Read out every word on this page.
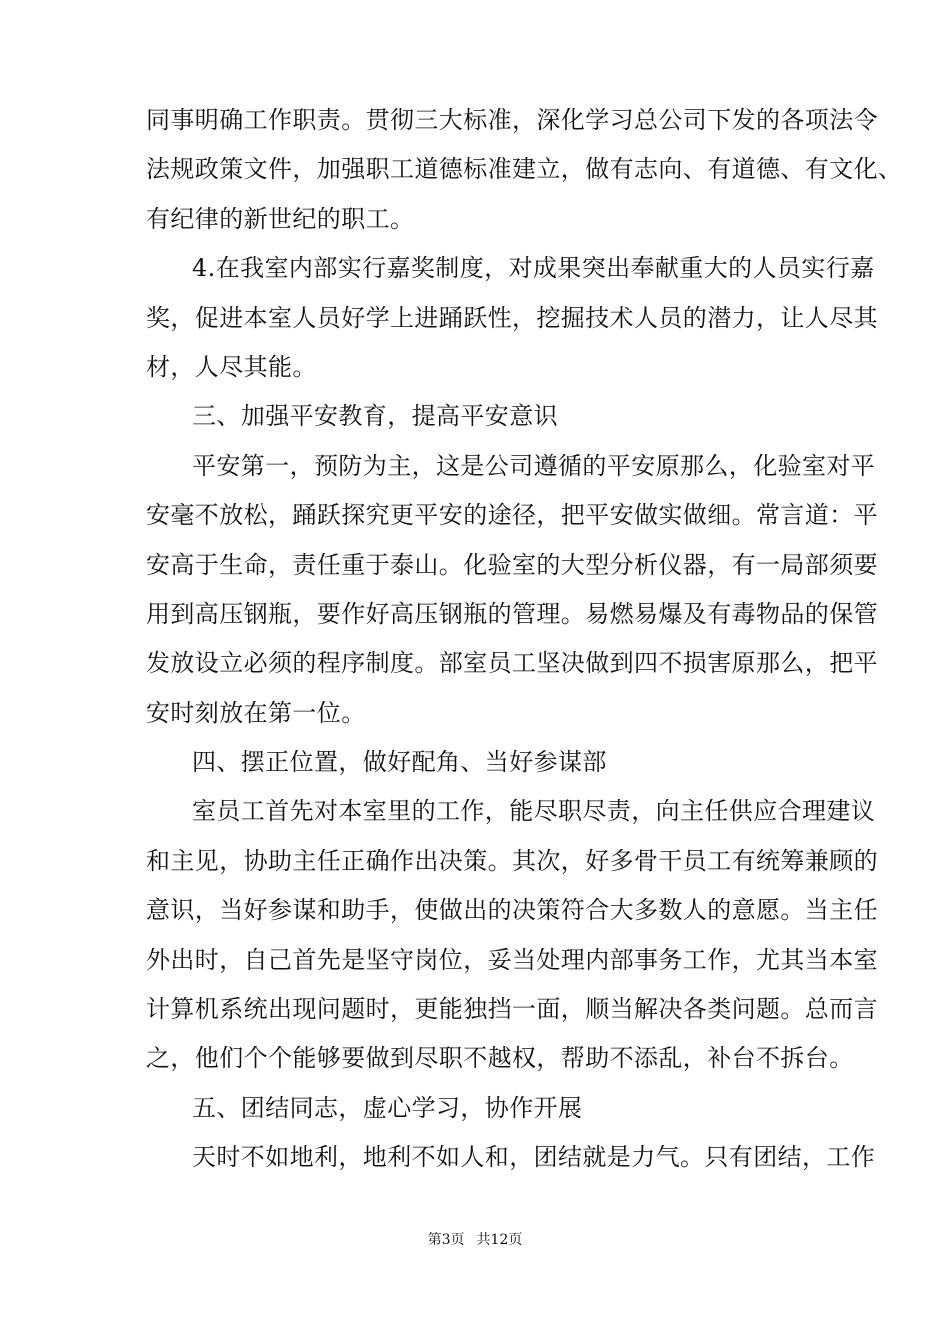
同事明确工作职责。贯彻三大标准，深化学习总公司下发的各项法令
法规政策文件，加强职工道德标准建立，做有志向、有道德、有文化、
有纪律的新世纪的职工。

4.在我室内部实行嘉奖制度，对成果突出奉献重大的人员实行嘉
奖，促进本室人员好学上进踊跃性，挖掘技术人员的潜力，让人尽其
材，人尽其能。

三、加强平安教育，提高平安意识

平安第一，预防为主，这是公司遵循的平安原那么，化验室对平
安毫不放松，踊跃探究更平安的途径，把平安做实做细。常言道：平
安高于生命，责任重于泰山。化验室的大型分析仪器，有一局部须要
用到高压钢瓶，要作好高压钢瓶的管理。易燃易爆及有毒物品的保管
发放设立必须的程序制度。部室员工坚决做到四不损害原那么，把平
安时刻放在第一位。

四、摆正位置，做好配角、当好参谋部

室员工首先对本室里的工作，能尽职尽责，向主任供应合理建议
和主见，协助主任正确作出决策。其次，好多骨干员工有统筹兼顾的
意识，当好参谋和助手，使做出的决策符合大多数人的意愿。当主任
外出时，自己首先是坚守岗位，妥当处理内部事务工作，尤其当本室
计算机系统出现问题时，更能独挡一面，顺当解决各类问题。总而言
之，他们个个能够要做到尽职不越权，帮助不添乱，补台不拆台。

五、团结同志，虚心学习，协作开展

天时不如地利，地利不如人和，团结就是力气。只有团结，工作

第3页 共12页
